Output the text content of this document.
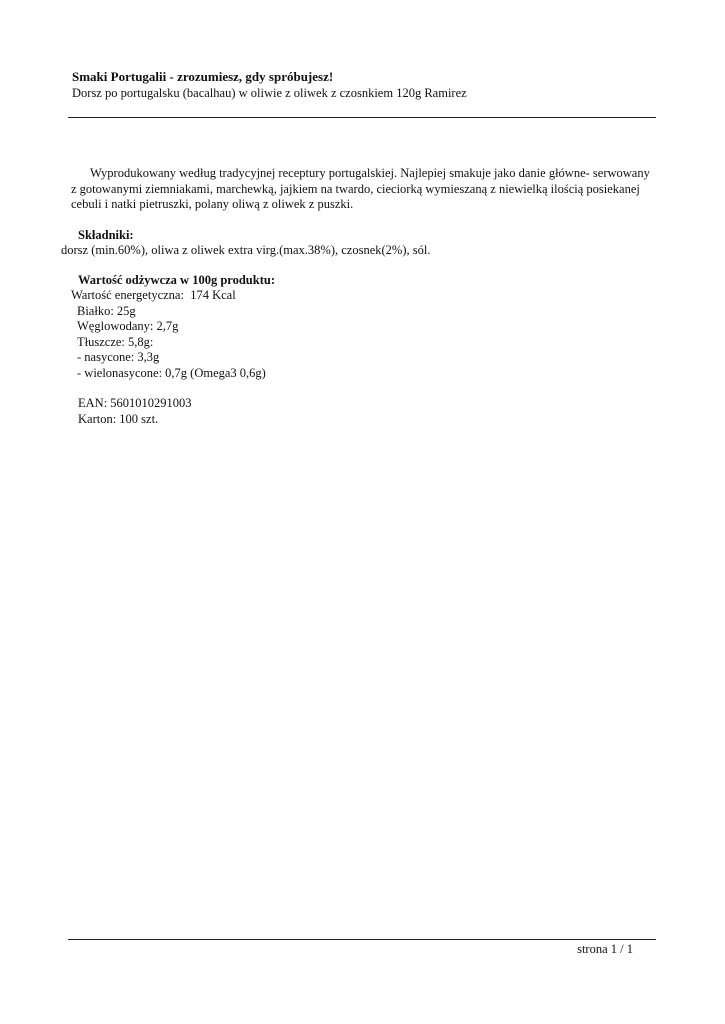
Smaki Portugalii - zrozumiesz, gdy spróbujesz!

Dorsz po portugalsku (bacalhau) w oliwie z oliwek z czosnkiem 120g Ramirez

Wyprodukowany według tradycyjnej receptury portugalskiej. Najlepiej smakuje jako danie główne- serwowany z gotowanymi ziemniakami, marchewką, jajkiem na twardo, cieciorką wymieszaną z niewielką ilością posiekanej cebuli i natki pietruszki, polany oliwą z oliwek z puszki.

Składniki:
dorsz (min.60%), oliwa z oliwek extra virg.(max.38%), czosnek(2%), sól.
Wartość odżywcza w 100g produktu:
Wartość energetyczna:  174 Kcal
Białko: 25g
Węglowodany: 2,7g
Tłuszcze: 5,8g:
- nasycone: 3,3g
- wielonasycone: 0,7g (Omega3 0,6g)
EAN: 5601010291003
Karton: 100 szt.
strona 1 / 1
